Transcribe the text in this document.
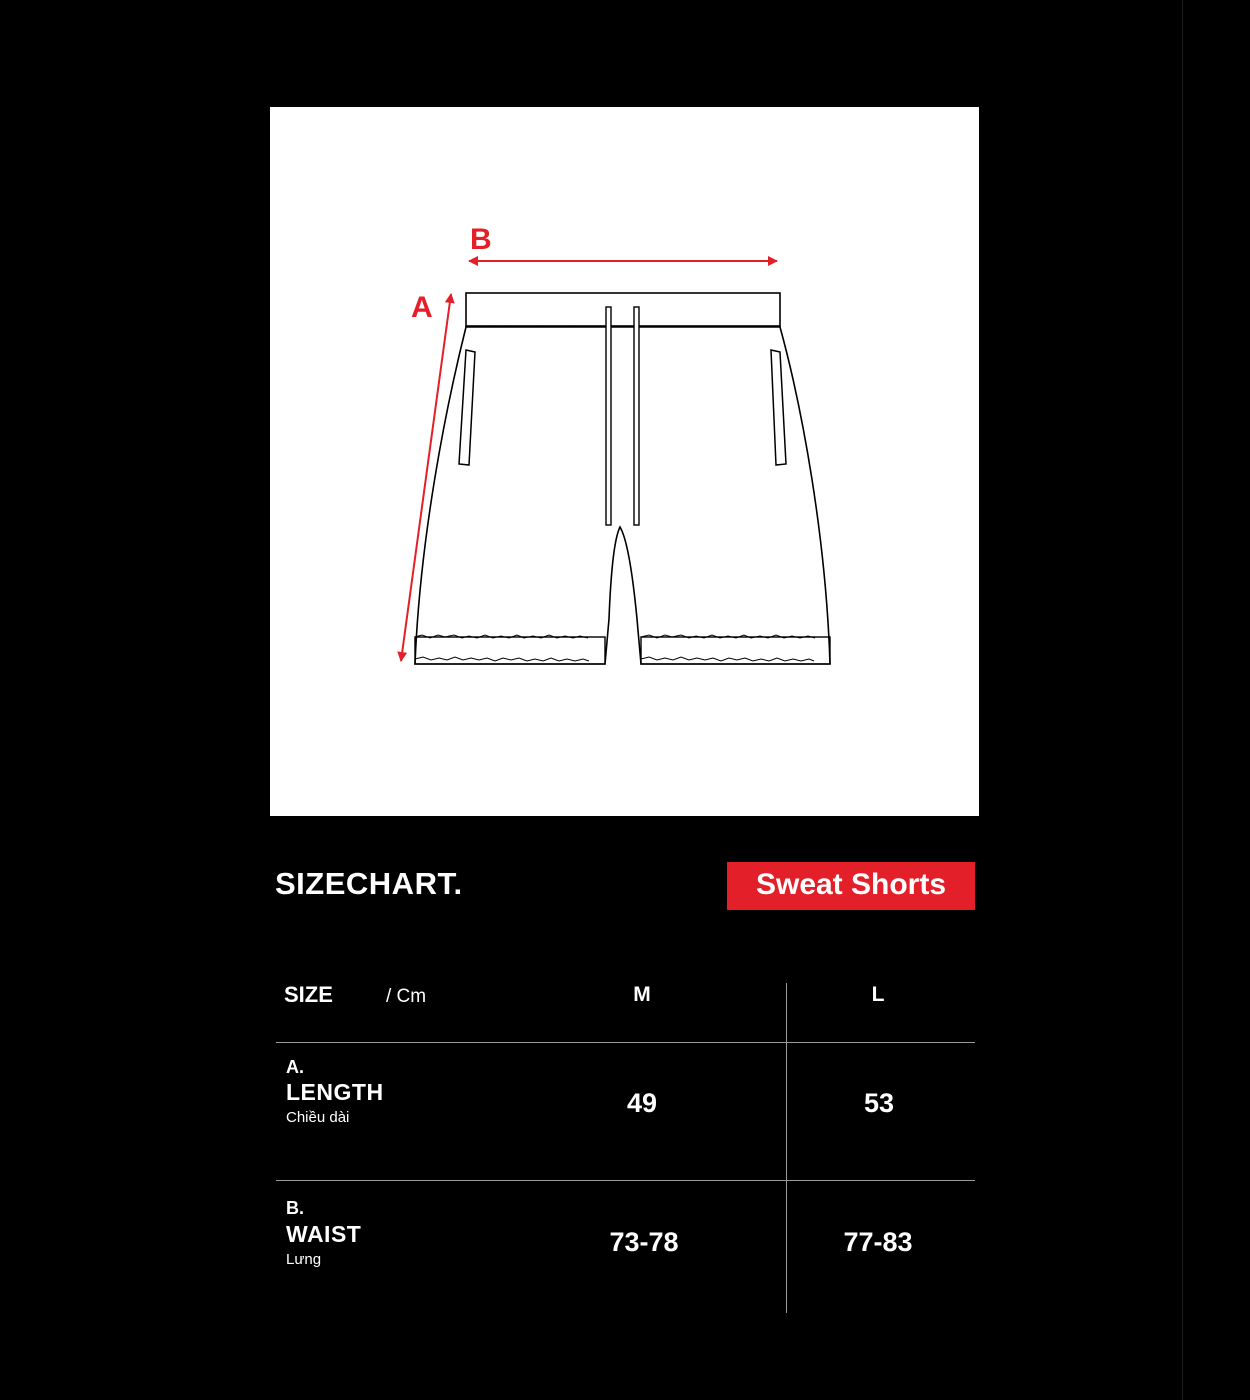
B
A
SIZECHART.	Sweat Shorts
SIZE	/ Cm	M	L
A.
LENGTH
Chiều dài	49	53
B.
WAIST
Lưng
73-78	77-83
